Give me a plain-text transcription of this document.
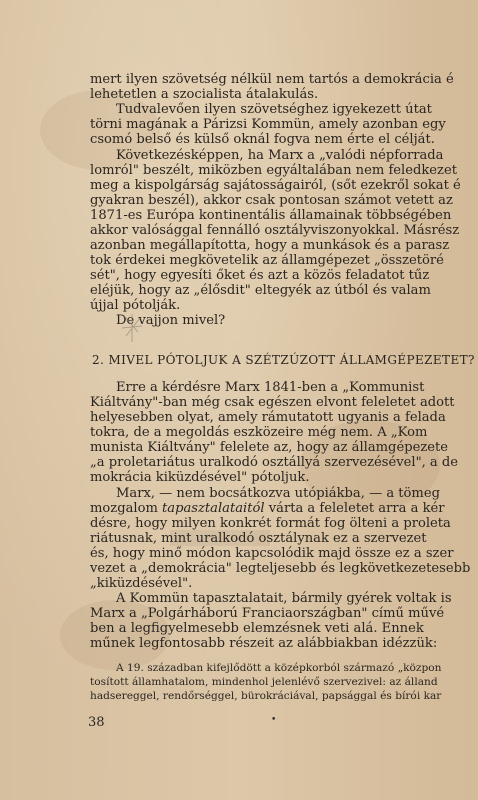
mert ilyen szövetség nélkül nem tartós a demokrácia é
lehetetlen a szocialista átalakulás.
Tudvalevően ilyen szövetséghez igyekezett útat
törni magának a Párizsi Kommün, amely azonban egy
csomó belső és külső oknál fogva nem érte el célját.
Következésképpen, ha Marx a „valódi népforrada
lomról" beszélt, miközben egyáltalában nem feledkezet
meg a kispolgárság sajátosságairól, (sőt ezekről sokat é
gyakran beszél), akkor csak pontosan számot vetett az
1871-es Európa kontinentális államainak többségében
akkor valósággal fennálló osztályviszonyokkal. Másrész
azonban megállapította, hogy a munkások és a parasz
tok érdekei megkövetelik az államgépezet „összetöré
sét", hogy egyesíti őket és azt a közös feladatot tűz
eléjük, hogy az „élősdit" eltegyék az útból és valam
újjal pótolják.
De vajjon mivel?
2. MIVEL PÓTOLJUK A SZÉTZÚZOTT ÁLLAMGÉPEZETET?
Erre a kérdésre Marx 1841-ben a „Kommunist
Kiáltvány"-ban még csak egészen elvont feleletet adott
helyesebben olyat, amely rámutatott ugyanis a felada
tokra, de a megoldás eszközeire még nem. A „Kom
munista Kiáltvány" felelete az, hogy az államgépezete
„a proletariátus uralkodó osztállyá szervezésével", a de
mokrácia kiküzdésével" pótoljuk.
Marx, — nem bocsátkozva utópiákba, — a tömeg
mozgalom tapasztalataitól várta a feleletet arra a kér
désre, hogy milyen konkrét formát fog ölteni a proleta
riátusnak, mint uralkodó osztálynak ez a szervezet
és, hogy minő módon kapcsolódik majd össze ez a szer
vezet a „demokrácia" legteljesebb és legkövetkezetesebb
„kiküzdésével".
A Kommün tapasztalatait, bármily gyérek voltak is
Marx a „Polgárháború Franciaországban" című művé
ben a legfigyelmesebb elemzésnek veti alá. Ennek
műnek legfontosabb részeit az alábbiakban idézzük:
A 19. században kifejlődött a középkorból származó „közpon
tosított államhatalom, mindenhol jelenlévő szervezivel: az álland
hadsereggel, rendőrséggel, bürokráciával, papsággal és bírói kar
38	•
